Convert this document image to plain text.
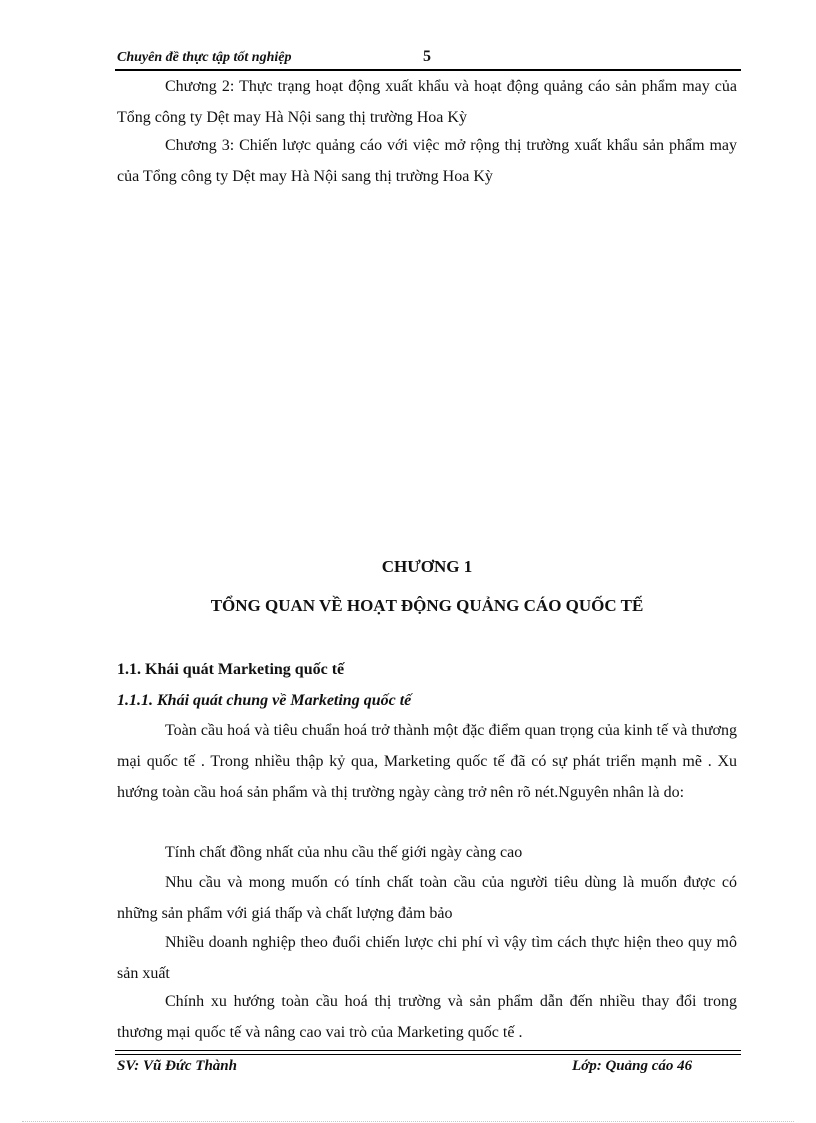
Chuyên đề thực tập tốt nghiệp	5
Chương 2: Thực trạng hoạt động xuất khẩu và hoạt động quảng cáo sản phẩm may của Tổng công ty Dệt may Hà Nội sang thị trường Hoa Kỳ
Chương 3: Chiến lược quảng cáo với việc mở rộng thị trường xuất khẩu sản phẩm may của Tổng công ty Dệt may Hà Nội sang thị trường Hoa Kỳ
CHƯƠNG 1
TỔNG QUAN VỀ HOẠT ĐỘNG QUẢNG CÁO QUỐC TẾ
1.1. Khái quát Marketing quốc tế
1.1.1. Khái quát chung về Marketing quốc tế
Toàn cầu hoá và tiêu chuẩn hoá trở thành một đặc điểm quan trọng của kinh tế và thương mại quốc tế . Trong nhiều thập kỷ qua, Marketing quốc tế đã có sự phát triển mạnh mẽ . Xu hướng toàn cầu hoá sản phẩm và thị trường ngày càng trở nên rõ nét.Nguyên nhân là do:
Tính chất đồng nhất của nhu cầu thế giới ngày càng cao
Nhu cầu và mong muốn có tính chất toàn cầu của người tiêu dùng là muốn được có những sản phẩm với giá thấp và chất lượng đảm bảo
Nhiều doanh nghiệp theo đuổi chiến lược chi phí vì vậy tìm cách thực hiện theo quy mô sản xuất
Chính xu hướng toàn cầu hoá thị trường và sản phẩm dẫn đến nhiều thay đổi trong thương mại quốc tế và nâng cao vai trò của Marketing quốc tế .
SV: Vũ Đức Thành	Lớp: Quảng cáo 46
